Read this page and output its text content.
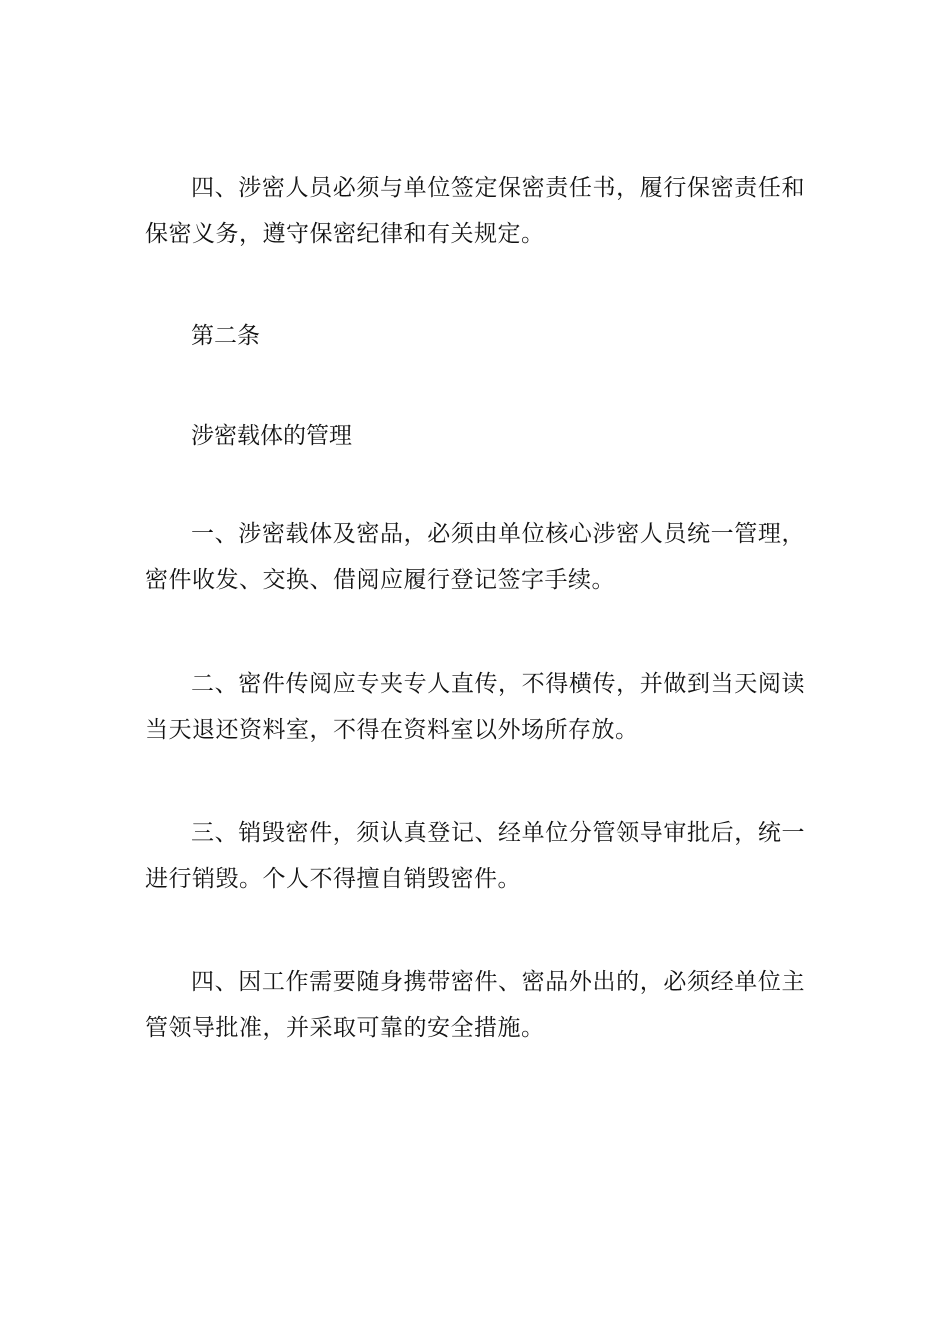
四、涉密人员必须与单位签定保密责任书，履行保密责任和保密义务，遵守保密纪律和有关规定。

第二条

涉密载体的管理

一、涉密载体及密品，必须由单位核心涉密人员统一管理，密件收发、交换、借阅应履行登记签字手续。

二、密件传阅应专夹专人直传，不得横传，并做到当天阅读当天退还资料室，不得在资料室以外场所存放。

三、销毁密件，须认真登记、经单位分管领导审批后，统一进行销毁。个人不得擅自销毁密件。

四、因工作需要随身携带密件、密品外出的，必须经单位主管领导批准，并采取可靠的安全措施。
